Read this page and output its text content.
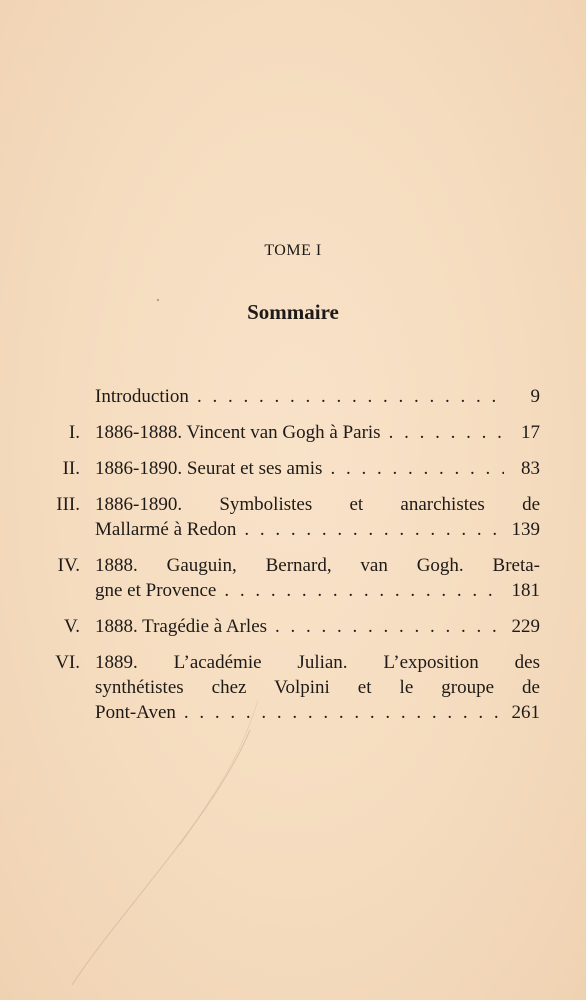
TOME I
Sommaire
Introduction . . .	9
I. 1886-1888. Vincent van Gogh à Paris . . .	17
II. 1886-1890. Seurat et ses amis . . .	83
III. 1886-1890. Symbolistes et anarchistes de
Mallarmé à Redon . . .	139
IV. 1888. Gauguin, Bernard, van Gogh. Breta-
gne et Provence . . .	181
V. 1888. Tragédie à Arles . . .	229
VI. 1889. L’académie Julian. L’exposition des
synthétistes chez Volpini et le groupe de
Pont-Aven . . .	261
